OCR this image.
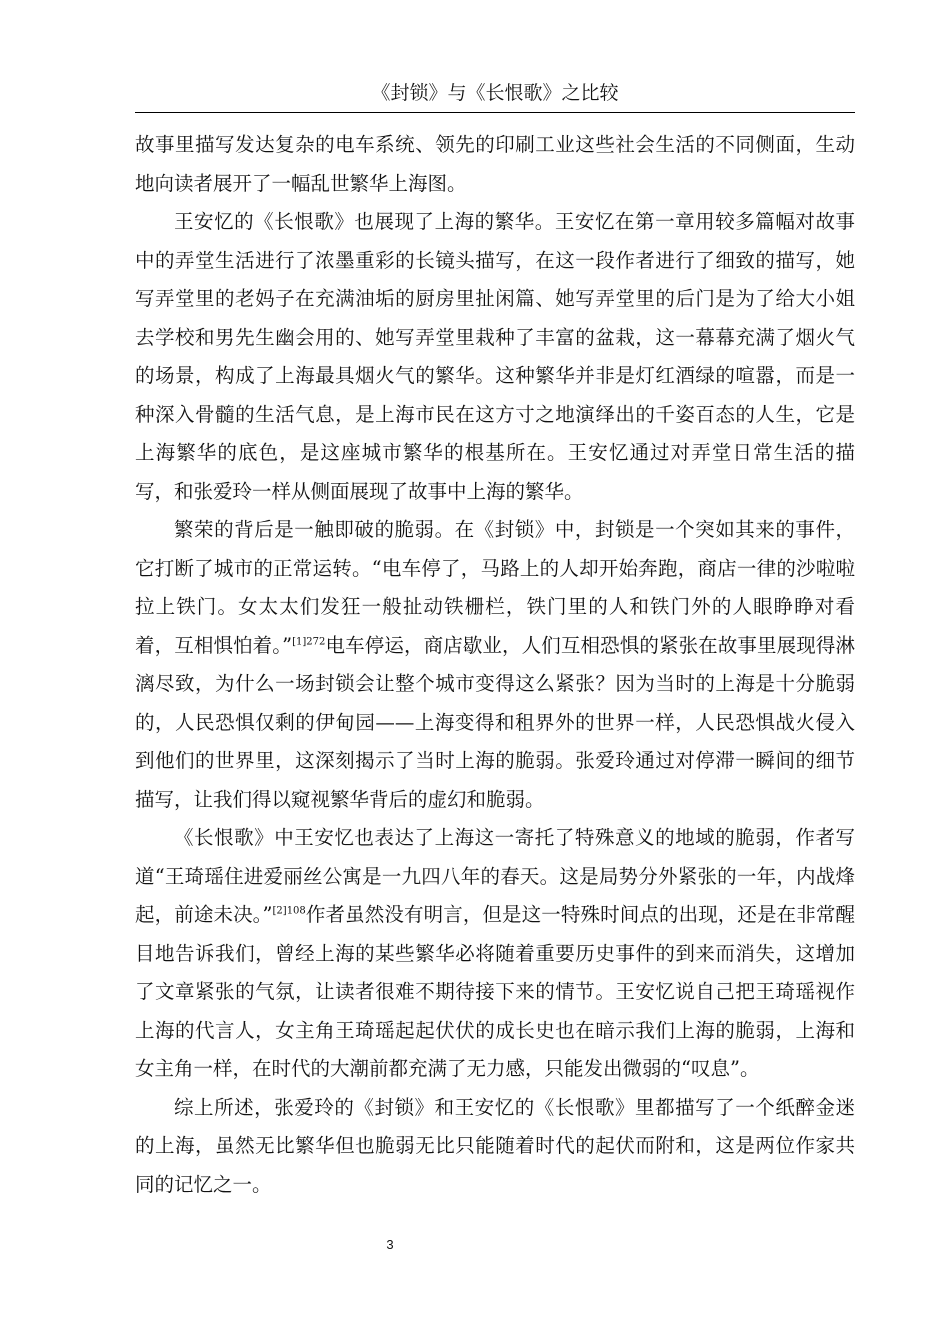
《封锁》与《长恨歌》之比较

故事里描写发达复杂的电车系统、领先的印刷工业这些社会生活的不同侧面，生动地向读者展开了一幅乱世繁华上海图。

王安忆的《长恨歌》也展现了上海的繁华。王安忆在第一章用较多篇幅对故事中的弄堂生活进行了浓墨重彩的长镜头描写，在这一段作者进行了细致的描写，她写弄堂里的老妈子在充满油垢的厨房里扯闲篇、她写弄堂里的后门是为了给大小姐去学校和男先生幽会用的、她写弄堂里栽种了丰富的盆栽，这一幕幕充满了烟火气的场景，构成了上海最具烟火气的繁华。这种繁华并非是灯红酒绿的喧嚣，而是一种深入骨髓的生活气息，是上海市民在这方寸之地演绎出的千姿百态的人生，它是上海繁华的底色，是这座城市繁华的根基所在。王安忆通过对弄堂日常生活的描写，和张爱玲一样从侧面展现了故事中上海的繁华。

繁荣的背后是一触即破的脆弱。在《封锁》中，封锁是一个突如其来的事件，它打断了城市的正常运转。“电车停了，马路上的人却开始奔跑，商店一律的沙啦啦拉上铁门。女太太们发狂一般扯动铁栅栏，铁门里的人和铁门外的人眼睁睁对看着，互相惧怕着。”$^{[1]272}$电车停运，商店歇业，人们互相恐惧的紧张在故事里展现得淋漓尽致，为什么一场封锁会让整个城市变得这么紧张？因为当时的上海是十分脆弱的，人民恐惧仅剩的伊甸园——上海变得和租界外的世界一样，人民恐惧战火侵入到他们的世界里，这深刻揭示了当时上海的脆弱。张爱玲通过对停滞一瞬间的细节描写，让我们得以窥视繁华背后的虚幻和脆弱。

《长恨歌》中王安忆也表达了上海这一寄托了特殊意义的地域的脆弱，作者写道“王琦瑶住进爱丽丝公寓是一九四八年的春天。这是局势分外紧张的一年，内战烽起，前途未决。”$^{[2]108}$作者虽然没有明言，但是这一特殊时间点的出现，还是在非常醒目地告诉我们，曾经上海的某些繁华必将随着重要历史事件的到来而消失，这增加了文章紧张的气氛，让读者很难不期待接下来的情节。王安忆说自己把王琦瑶视作上海的代言人，女主角王琦瑶起起伏伏的成长史也在暗示我们上海的脆弱，上海和女主角一样，在时代的大潮前都充满了无力感，只能发出微弱的“叹息”。

综上所述，张爱玲的《封锁》和王安忆的《长恨歌》里都描写了一个纸醉金迷的上海，虽然无比繁华但也脆弱无比只能随着时代的起伏而附和，这是两位作家共同的记忆之一。

3
